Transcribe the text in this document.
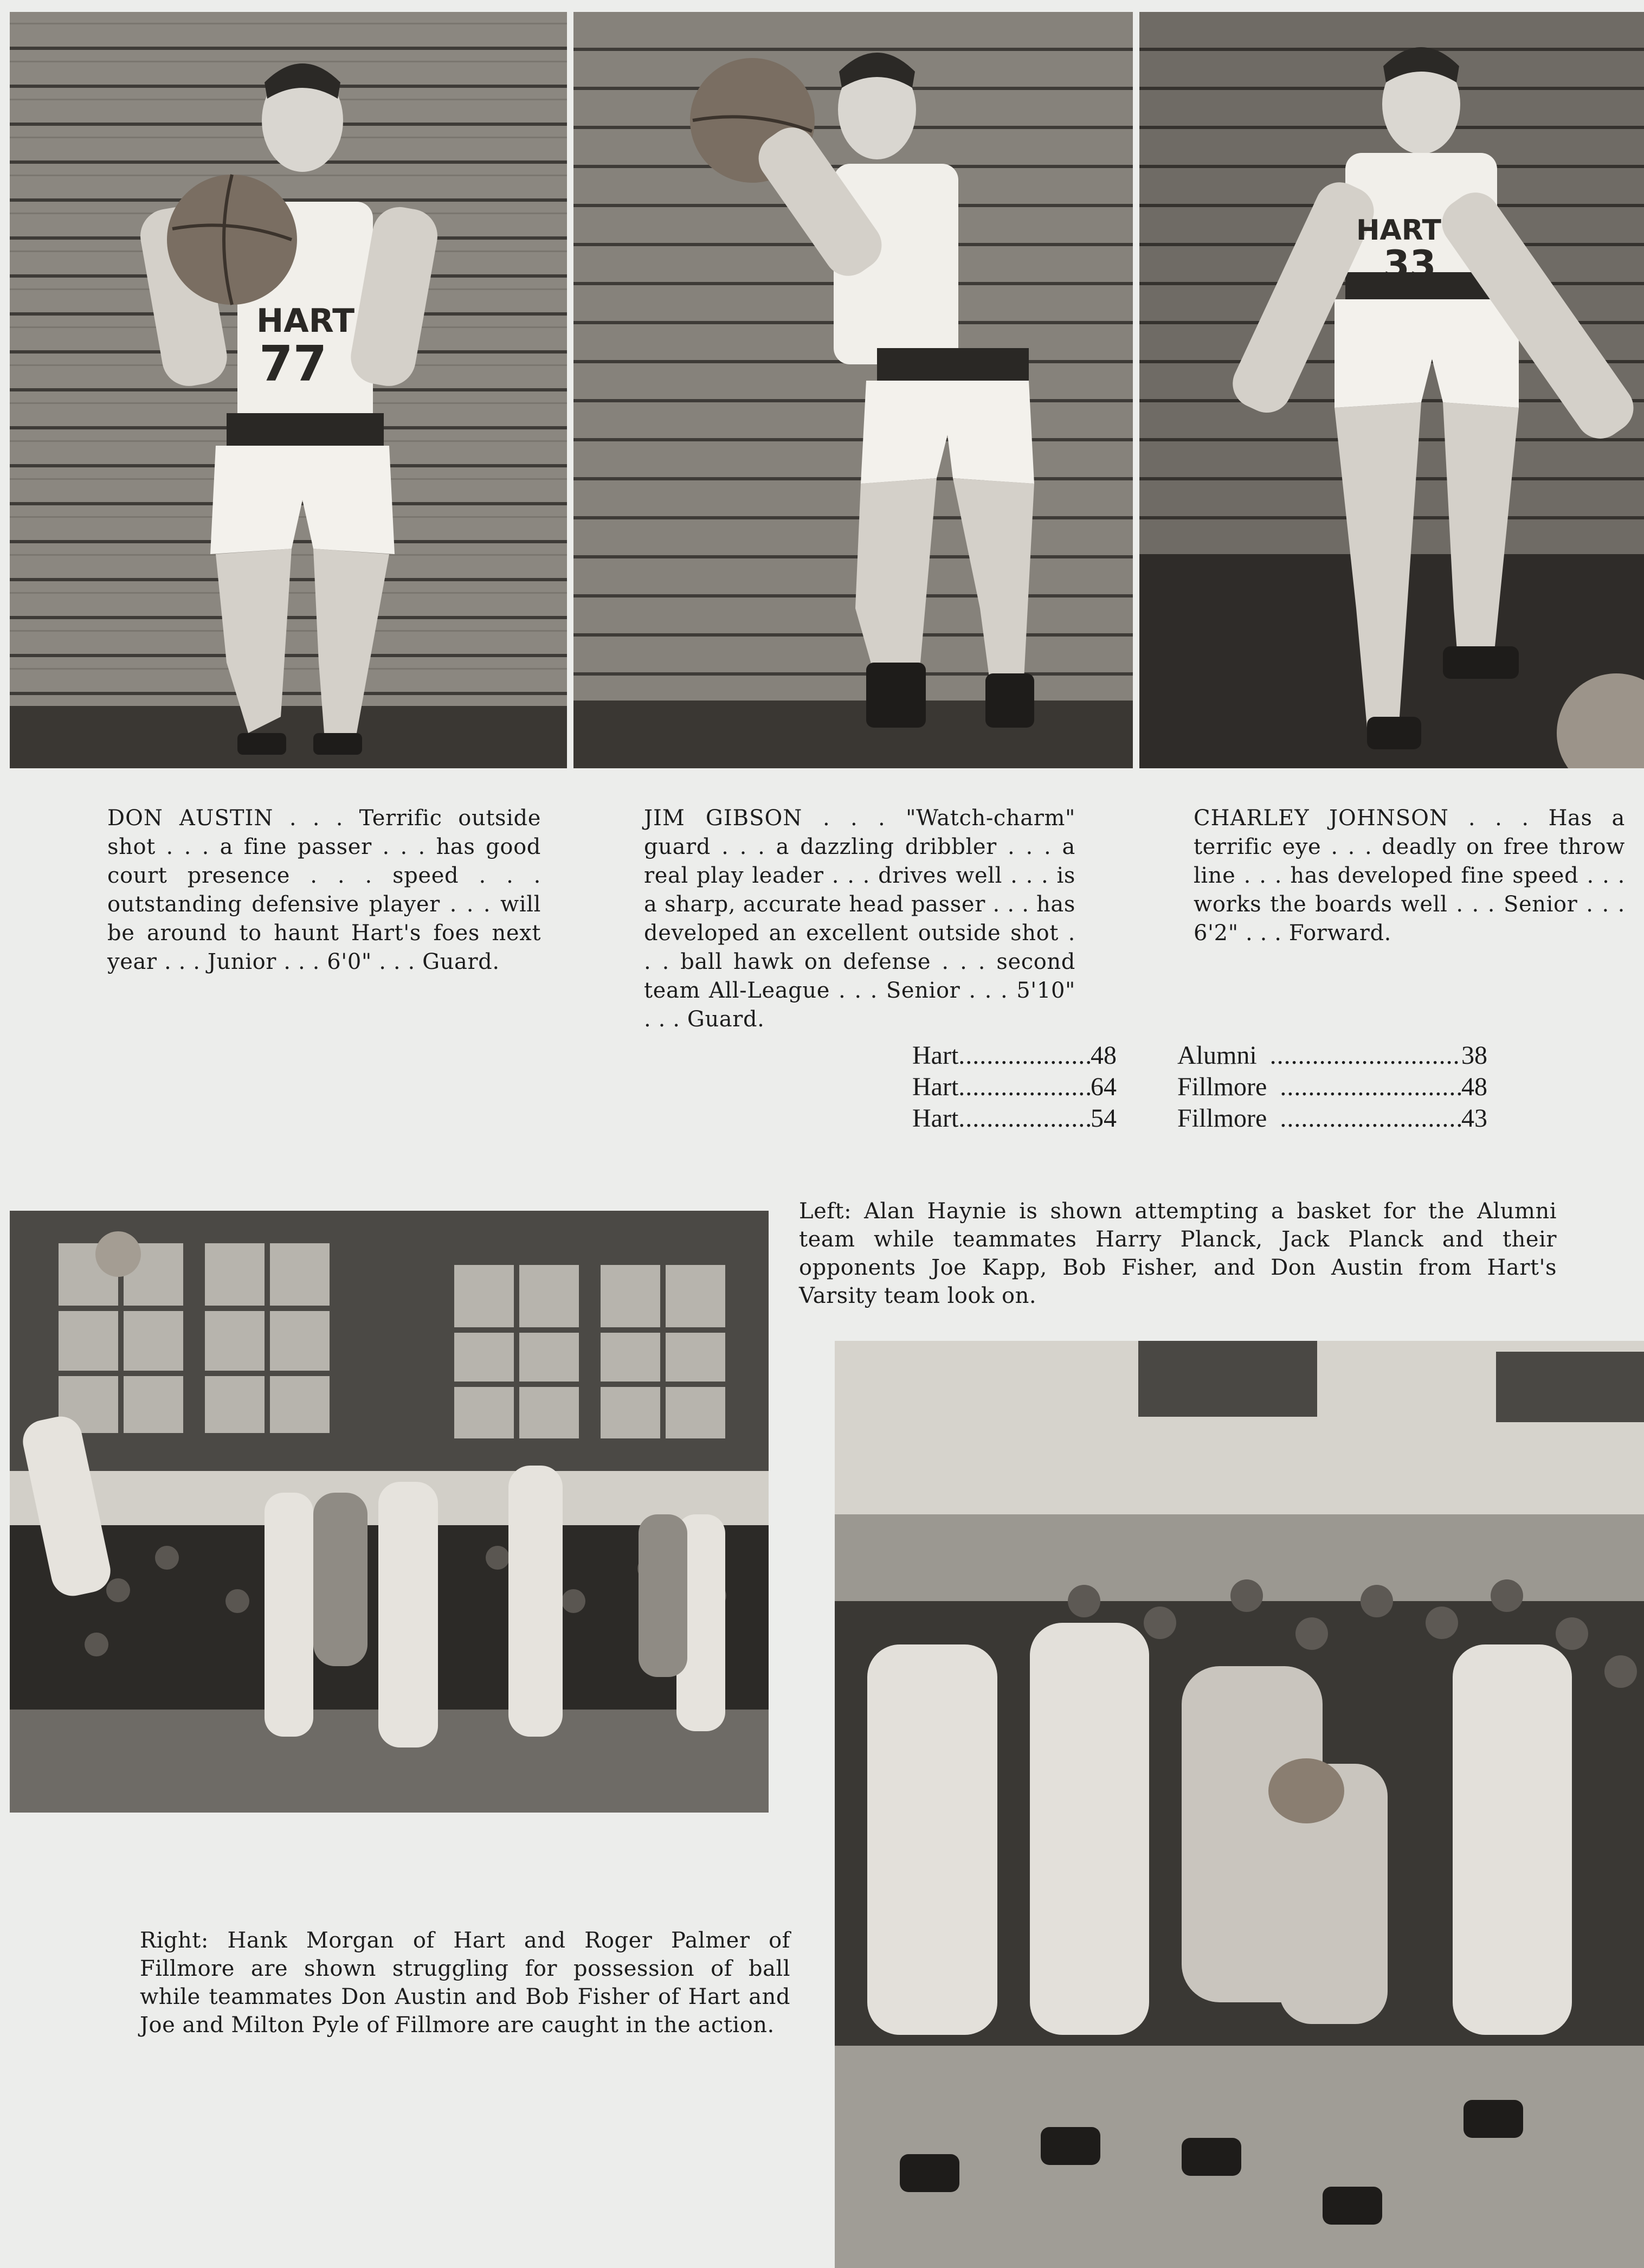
HART
77
HART
33
DON AUSTIN . . . Terrific outside shot . . . a fine passer . . . has good court presence . . . speed . . . outstanding defensive player . . . will be around to haunt Hart's foes next year . . . Junior . . . 6'0" . . . Guard.
JIM GIBSON . . . "Watch-charm" guard . . . a dazzling dribbler . . . a real play leader . . . drives well . . . is a sharp, accurate head passer . . . has developed an excellent outside shot . . . ball hawk on defense . . . second team All-League . . . Senior . . . 5'10" . . . Guard.
CHARLEY JOHNSON . . . Has a terrific eye . . . deadly on free throw line . . . has developed fine speed . . . works the boards well . . . Senior . . . 6'2" . . . Forward.
Hart .....	48 Alumni .....	38
Hart .....	64 Fillmore .....	48
Hart .....	54 Fillmore .....	43
Left: Alan Haynie is shown attempting a basket for the Alumni team while teammates Harry Planck, Jack Planck and their opponents Joe Kapp, Bob Fisher, and Don Austin from Hart's Varsity team look on.
Right: Hank Morgan of Hart and Roger Palmer of Fillmore are shown struggling for possession of ball while teammates Don Austin and Bob Fisher of Hart and Joe and Milton Pyle of Fillmore are caught in the action.
